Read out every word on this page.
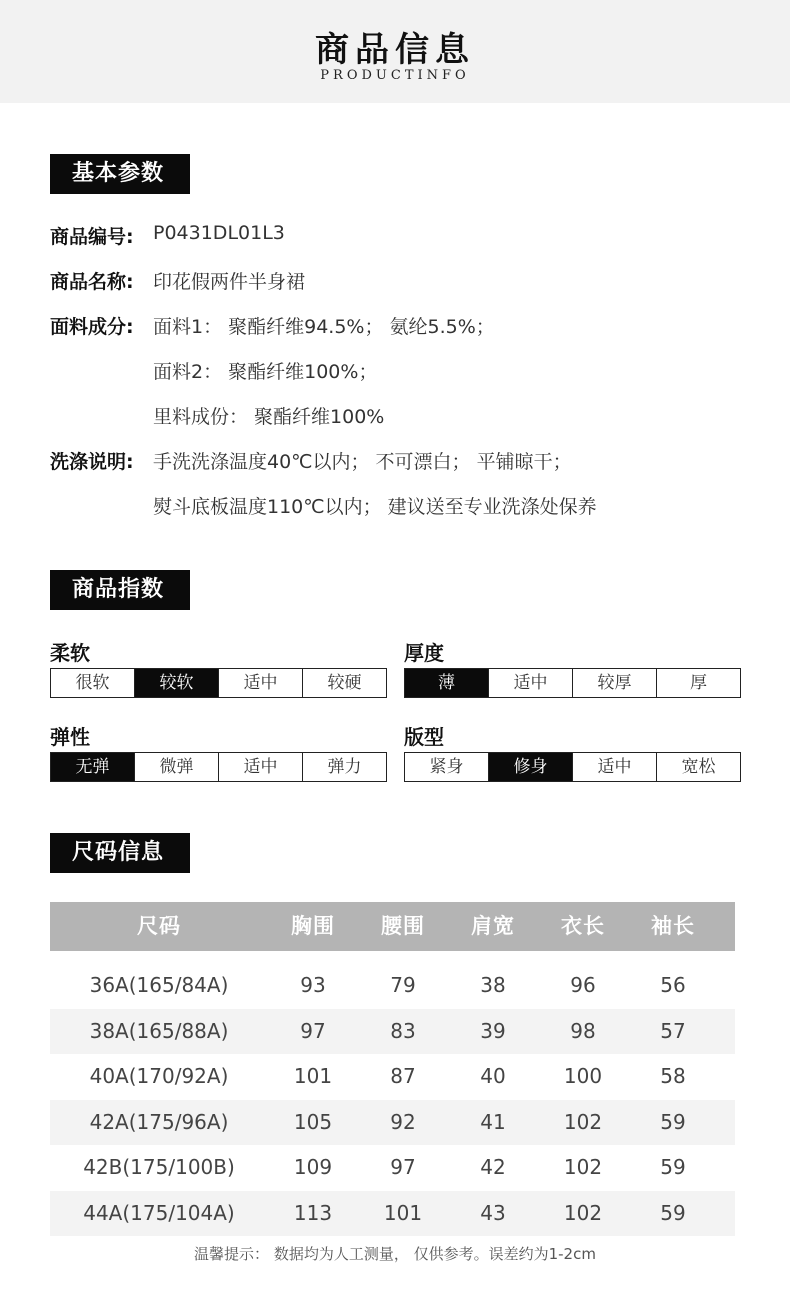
商品信息
PRODUCTINFO
基本参数
商品编号: P0431DL01L3
商品名称: 印花假两件半身裙
面料成分: 面料1： 聚酯纤维94.5%； 氨纶5.5%；
面料2： 聚酯纤维100%；
里料成份： 聚酯纤维100%
洗涤说明: 手洗洗涤温度40℃以内； 不可漂白； 平铺晾干；
熨斗底板温度110℃以内； 建议送至专业洗涤处保养
商品指数
柔软
很软	较软	适中	较硬
厚度
薄	适中	较厚	厚
弹性
无弹	微弹	适中	弹力
版型
紧身	修身	适中	宽松
尺码信息
尺码	胸围	腰围	肩宽	衣长	袖长
36A(165/84A)	93	79	38	96	56
38A(165/88A)	97	83	39	98	57
40A(170/92A)	101	87	40	100	58
42A(175/96A)	105	92	41	102	59
42B(175/100B)	109	97	42	102	59
44A(175/104A)	113	101	43	102	59
温馨提示： 数据均为人工测量， 仅供参考。误差约为1-2cm
